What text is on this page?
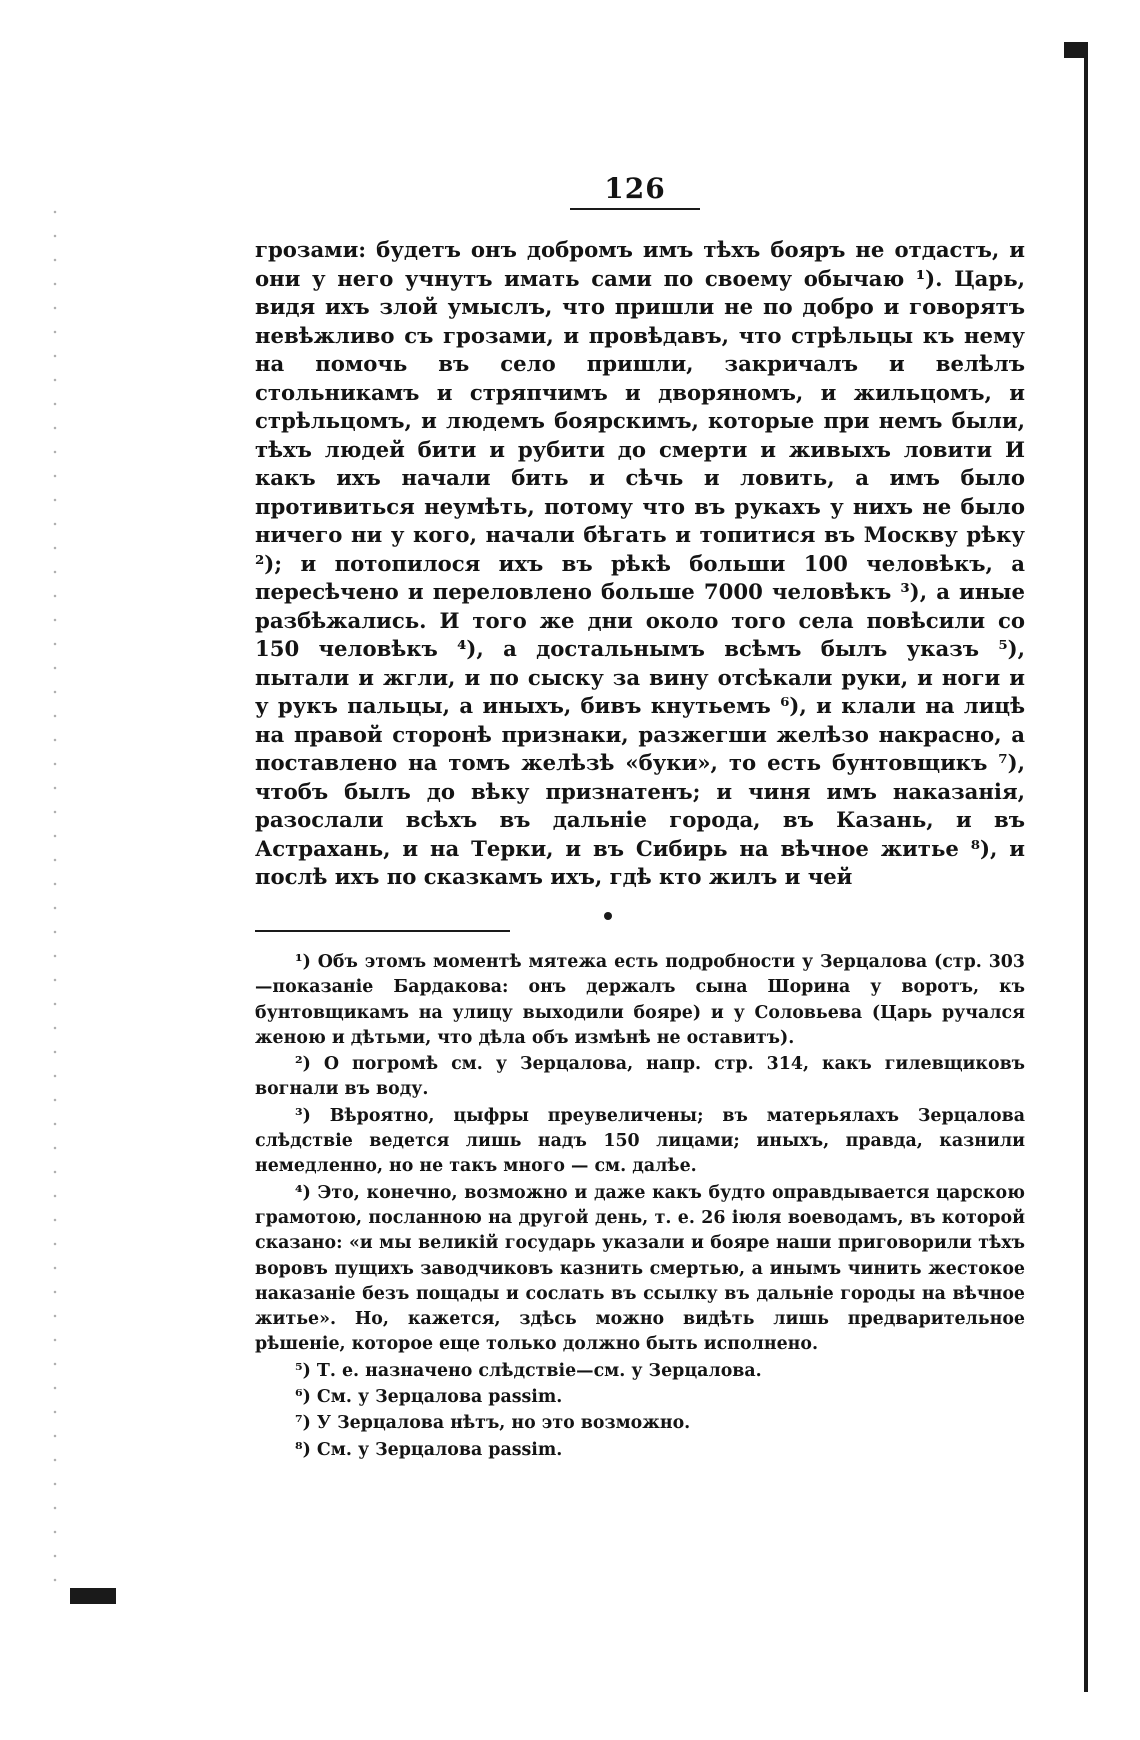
126

грозами: будетъ онъ добромъ имъ тѣхъ бояръ не отдастъ, и они у него учнутъ имать сами по своему обычаю ¹). Царь, видя ихъ злой умыслъ, что пришли не по добро и говорятъ невѣжливо съ грозами, и провѣдавъ, что стрѣльцы къ нему на помочь въ село пришли, закричалъ и велѣлъ стольникамъ и стряпчимъ и дворяномъ, и жильцомъ, и стрѣльцомъ, и людемъ боярскимъ, которые при немъ были, тѣхъ людей бити и рубити до смерти и живыхъ ловити И какъ ихъ начали бить и сѣчь и ловить, а имъ было противиться неумѣть, потому что въ рукахъ у нихъ не было ничего ни у кого, начали бѣгать и топитися въ Москву рѣку ²); и потопилося ихъ въ рѣкѣ больши 100 человѣкъ, а пересѣчено и переловлено больше 7000 человѣкъ ³), а иные разбѣжались. И того же дни около того села повѣсили со 150 человѣкъ ⁴), а достальнымъ всѣмъ былъ указъ ⁵), пытали и жгли, и по сыску за вину отсѣкали руки, и ноги и у рукъ пальцы, а иныхъ, бивъ кнутьемъ ⁶), и клали на лицѣ на правой сторонѣ признаки, разжегши желѣзо накрасно, а поставлено на томъ желѣзѣ «буки», то есть бунтовщикъ ⁷), чтобъ былъ до вѣку признатенъ; и чиня имъ наказанія, разослали всѣхъ въ дальніе города, въ Казань, и въ Астрахань, и на Терки, и въ Сибирь на вѣчное житье ⁸), и послѣ ихъ по сказкамъ ихъ, гдѣ кто жилъ и чей

¹) Объ этомъ моментѣ мятежа есть подробности у Зерцалова (стр. 303—показаніе Бардакова: онъ держалъ сына Шорина у воротъ, къ бунтовщикамъ на улицу выходили бояре) и у Соловьева (Царь ручался женою и дѣтьми, что дѣла объ измѣнѣ не оставитъ).

²) О погромѣ см. у Зерцалова, напр. стр. 314, какъ гилевщиковъ вогнали въ воду.

³) Вѣроятно, цыфры преувеличены; въ матерьялахъ Зерцалова слѣдствіе ведется лишь надъ 150 лицами; иныхъ, правда, казнили немедленно, но не такъ много — см. далѣе.

⁴) Это, конечно, возможно и даже какъ будто оправдывается царскою грамотою, посланною на другой день, т. е. 26 іюля воеводамъ, въ которой сказано: «и мы великій государь указали и бояре наши приговорили тѣхъ воровъ пущихъ заводчиковъ казнить смертью, а инымъ чинить жестокое наказаніе безъ пощады и сослать въ ссылку въ дальніе городы на вѣчное житье». Но, кажется, здѣсь можно видѣть лишь предварительное рѣшеніе, которое еще только должно быть исполнено.

⁵) Т. е. назначено слѣдствіе—см. у Зерцалова.

⁶) См. у Зерцалова passim.

⁷) У Зерцалова нѣтъ, но это возможно.

⁸) См. у Зерцалова passim.
